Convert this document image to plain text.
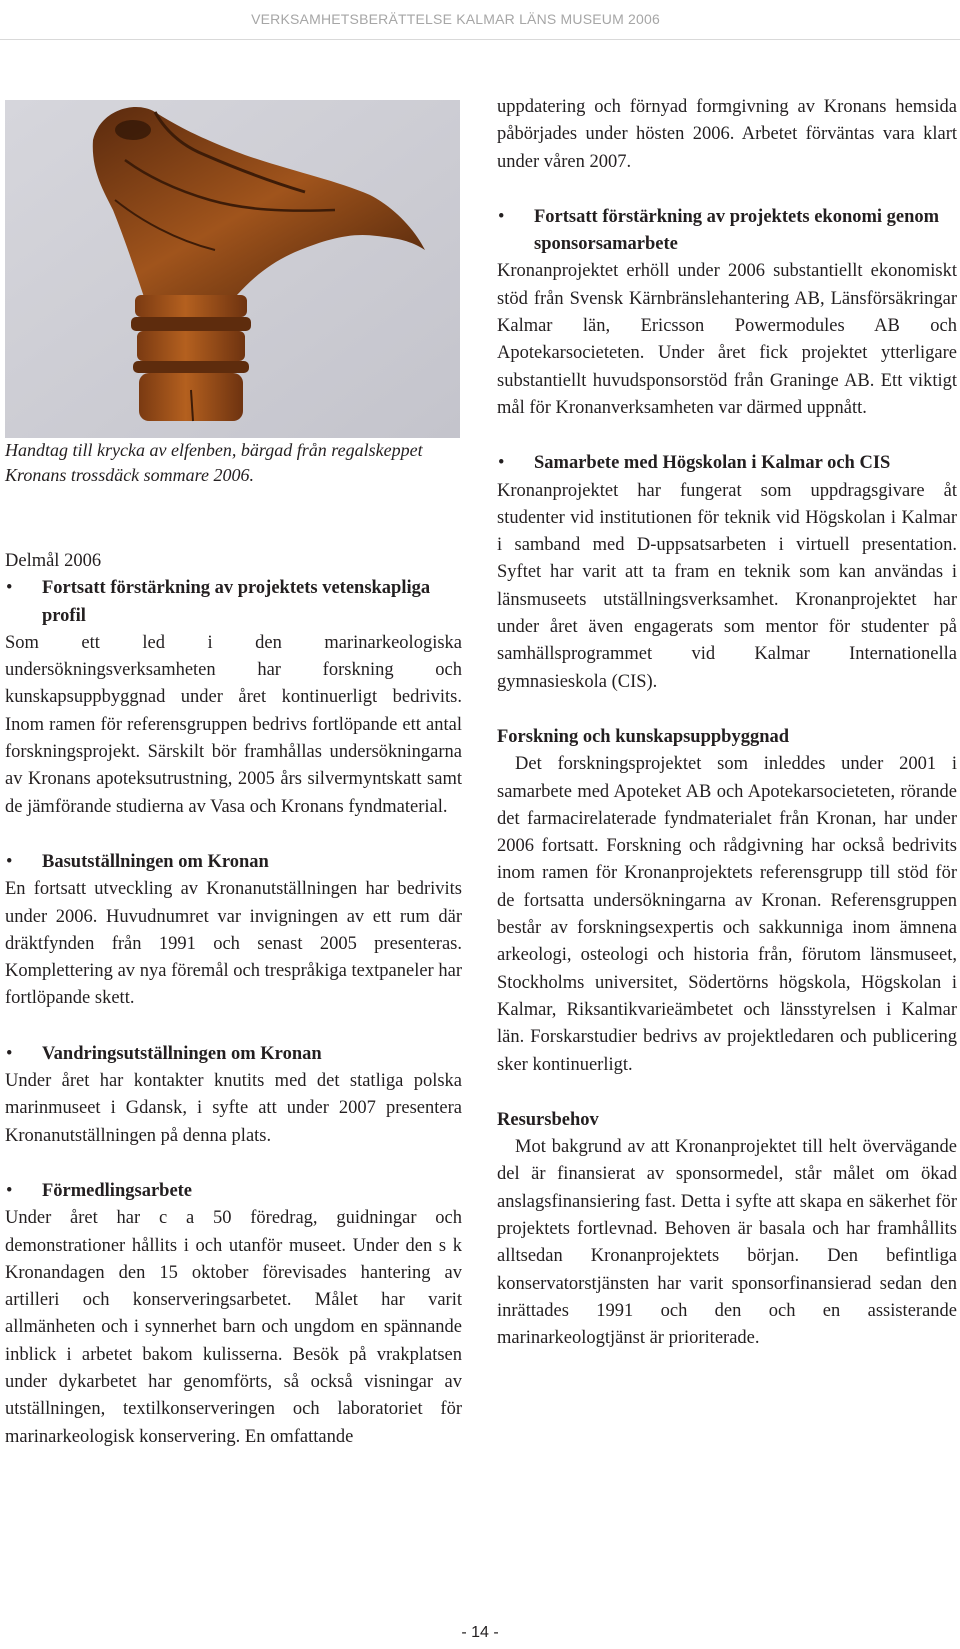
VERKSAMHETSBERÄTTELSE KALMAR LÄNS MUSEUM 2006
Handtag till krycka av elfenben, bärgad från regalskeppet Kronans trossdäck sommare 2006.

Delmål 2006

• Fortsatt förstärkning av projektets vetenskapliga profil

Som ett led i den marinarkeologiska undersökningsverksamheten har forskning och kunskapsuppbyggnad under året kontinuerligt bedrivits. Inom ramen för referensgruppen bedrivs fortlöpande ett antal forskningsprojekt. Särskilt bör framhållas undersökningarna av Kronans apoteksutrustning, 2005 års silvermyntskatt samt de jämförande studierna av Vasa och Kronans fyndmaterial.

• Basutställningen om Kronan

En fortsatt utveckling av Kronanutställningen har bedrivits under 2006. Huvudnumret var invigningen av ett rum där dräktfynden från 1991 och senast 2005 presenteras. Komplettering av nya föremål och trespråkiga textpaneler har fortlöpande skett.

• Vandringsutställningen om Kronan

Under året har kontakter knutits med det statliga polska marinmuseet i Gdansk, i syfte att under 2007 presentera Kronanutställningen på denna plats.

• Förmedlingsarbete

Under året har c a 50 föredrag, guidningar och demonstrationer hållits i och utanför museet. Under den s k Kronandagen den 15 oktober förevisades hantering av artilleri och konserveringsarbetet. Målet har varit allmänheten och i synnerhet barn och ungdom en spännande inblick i arbetet bakom kulisserna. Besök på vrakplatsen under dykarbetet har genomförts, så också visningar av utställningen, textilkonserveringen och laboratoriet för marinarkeologisk konservering. En omfattande

uppdatering och förnyad formgivning av Kronans hemsida påbörjades under hösten 2006. Arbetet förväntas vara klart under våren 2007.

• Fortsatt förstärkning av projektets ekonomi genom sponsorsamarbete

Kronanprojektet erhöll under 2006 substantiellt ekonomiskt stöd från Svensk Kärnbränslehantering AB, Länsförsäkringar Kalmar län, Ericsson Powermodules AB och Apotekarsocieteten. Under året fick projektet ytterligare substantiellt huvudsponsorstöd från Graninge AB. Ett viktigt mål för Kronanverksamheten var därmed uppnått.

• Samarbete med Högskolan i Kalmar och CIS

Kronanprojektet har fungerat som uppdragsgivare åt studenter vid institutionen för teknik vid Högskolan i Kalmar i samband med D-uppsatsarbeten i virtuell presentation. Syftet har varit att ta fram en teknik som kan användas i länsmuseets utställningsverksamhet. Kronanprojektet har under året även engagerats som mentor för studenter på samhällsprogrammet vid Kalmar Internationella gymnasieskola (CIS).

Forskning och kunskapsuppbyggnad

Det forskningsprojektet som inleddes under 2001 i samarbete med Apoteket AB och Apotekarsocieteten, rörande det farmacirelaterade fyndmaterialet från Kronan, har under 2006 fortsatt. Forskning och rådgivning har också bedrivits inom ramen för Kronanprojektets referensgrupp till stöd för de fortsatta undersökningarna av Kronan. Referensgruppen består av forskningsexpertis och sakkunniga inom ämnena arkeologi, osteologi och historia från, förutom länsmuseet, Stockholms universitet, Södertörns högskola, Högskolan i Kalmar, Riksantikvarieämbetet och länsstyrelsen i Kalmar län. Forskarstudier bedrivs av projektledaren och publicering sker kontinuerligt.

Resursbehov

Mot bakgrund av att Kronanprojektet till helt övervägande del är finansierat av sponsormedel, står målet om ökad anslagsfinansiering fast. Detta i syfte att skapa en säkerhet för projektets fortlevnad. Behoven är basala och har framhållits alltsedan Kronanprojektets början. Den befintliga konservatorstjänsten har varit sponsorfinansierad sedan den inrättades 1991 och den och en assisterande marinarkeologtjänst är prioriterade.

- 14 -
